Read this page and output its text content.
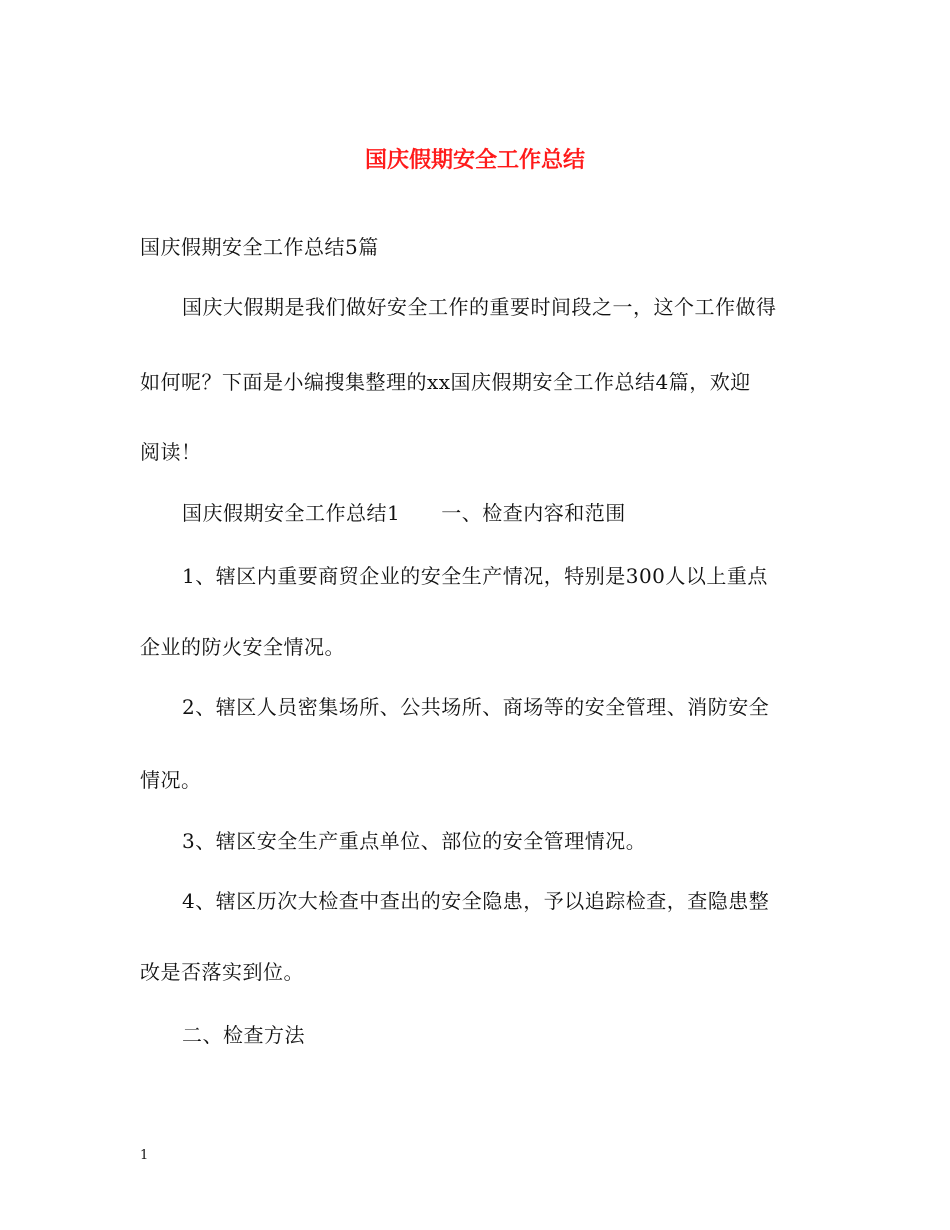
国庆假期安全工作总结
国庆假期安全工作总结5篇
国庆大假期是我们做好安全工作的重要时间段之一，这个工作做得
如何呢？下面是小编搜集整理的xx国庆假期安全工作总结4篇，欢迎
阅读！
国庆假期安全工作总结1　　一、检查内容和范围
1、辖区内重要商贸企业的安全生产情况，特别是300人以上重点
企业的防火安全情况。
2、辖区人员密集场所、公共场所、商场等的安全管理、消防安全
情况。
3、辖区安全生产重点单位、部位的安全管理情况。
4、辖区历次大检查中查出的安全隐患，予以追踪检查，查隐患整
改是否落实到位。
二、检查方法
1
